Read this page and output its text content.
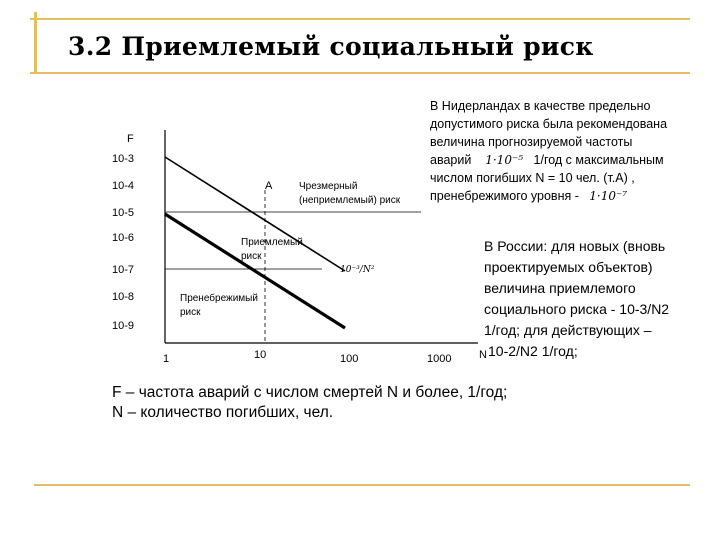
3.2 Приемлемый социальный риск
F
N
10-3
10-4
10-5
10-6
10-7
10-8
10-9
1	10	100	1000
А	Чрезмерный
(неприемлемый) риск
Приемлемый
риск
Пренебрежимый
риск
10⁻³/N²
В Нидерландах в качестве предельно
допустимого риска была рекомендована
величина прогнозируемой частоты
аварий 1·10⁻⁵ 1/год с максимальным
числом погибших N = 10 чел. (т.А) ,
пренебрежимого уровня - 1·10⁻⁷
В России: для новых (вновь
проектируемых объектов)
величина приемлемого
социального риска - 10-3/N2
1/год; для действующих –
10-2/N2 1/год;
F – частота аварий с числом смертей N и более, 1/год;
N – количество погибших, чел.
